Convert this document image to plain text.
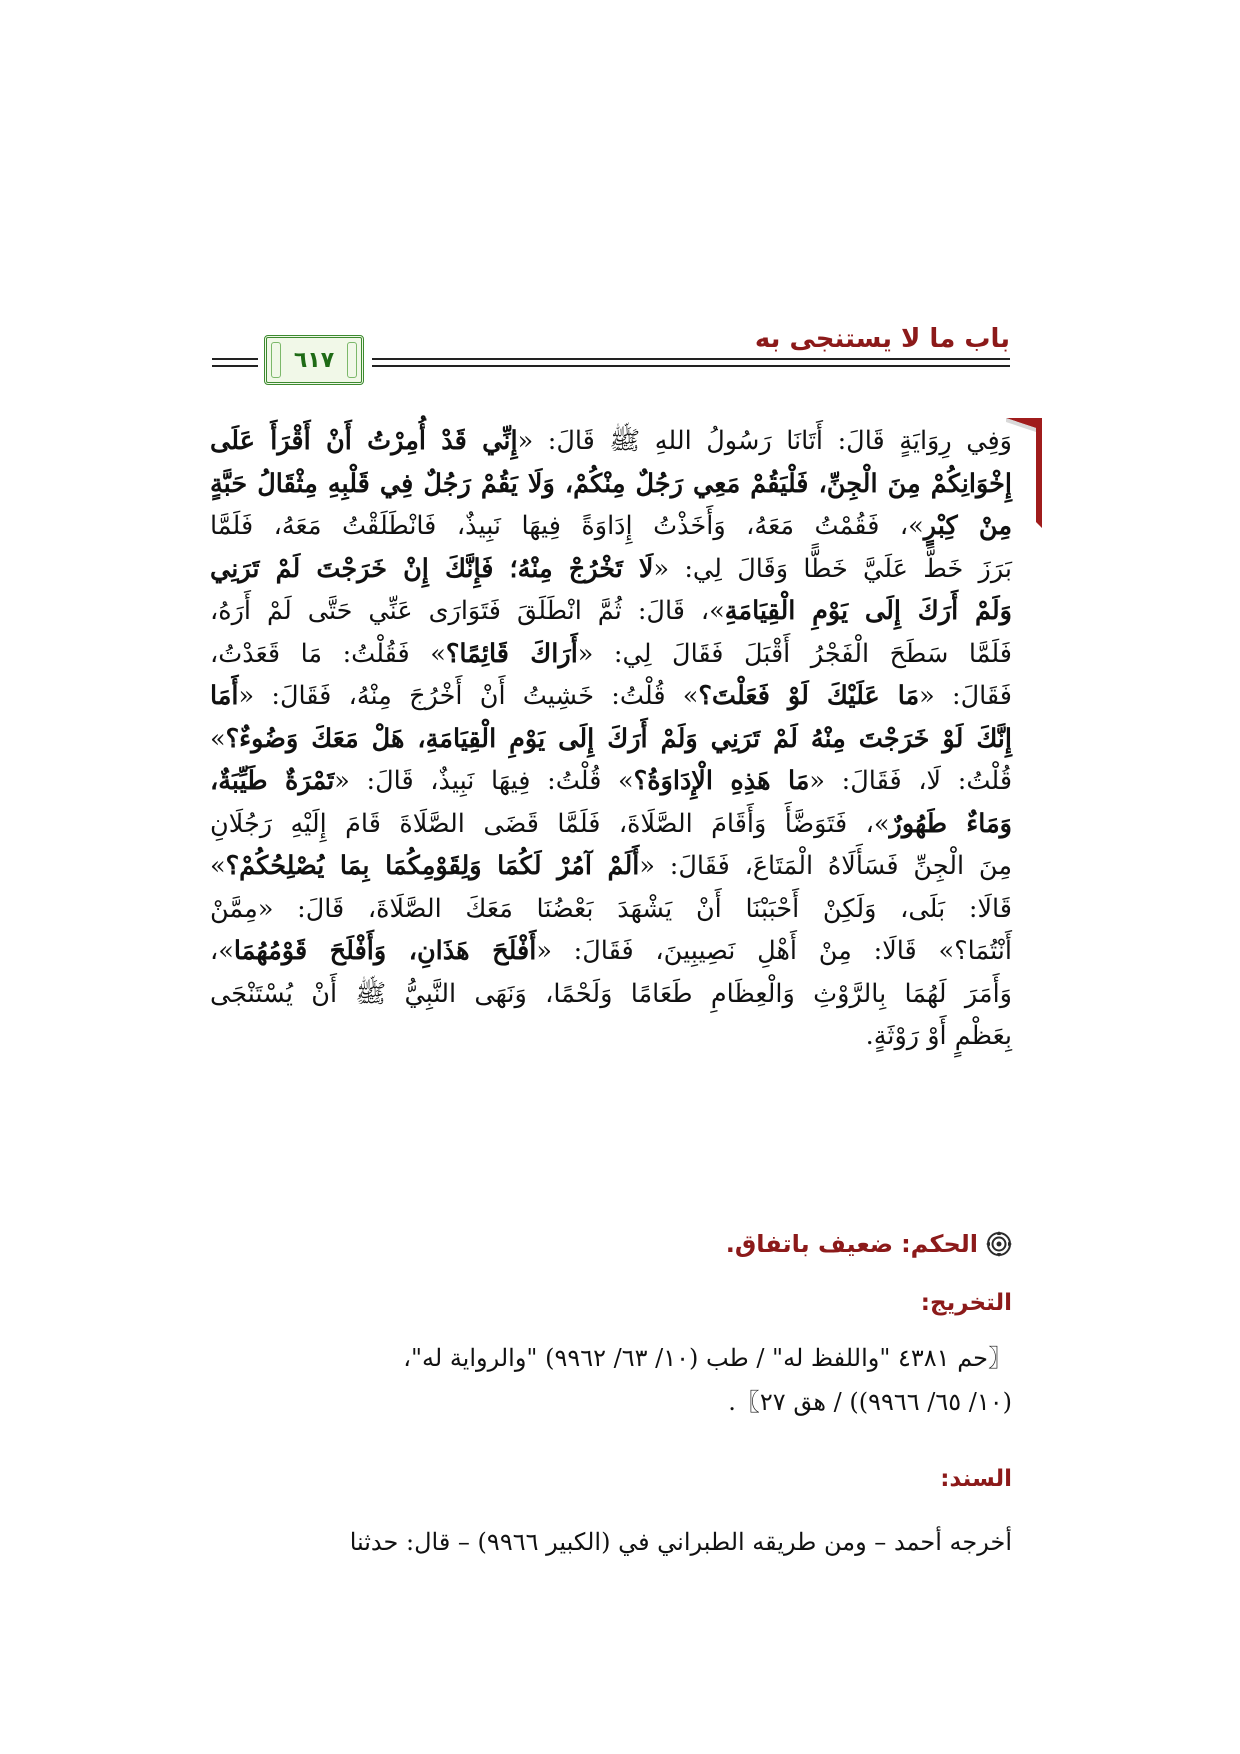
باب ما لا يستنجى به
٦١٧
وَفِي رِوَايَةٍ قَالَ: أَتَانَا رَسُولُ اللهِ ﷺ قَالَ: «إِنِّي قَدْ أُمِرْتُ أَنْ أَقْرَأَ عَلَى
إِخْوَانِكُمْ مِنَ الْجِنِّ، فَلْيَقُمْ مَعِي رَجُلٌ مِنْكُمْ، وَلَا يَقُمْ رَجُلٌ فِي قَلْبِهِ مِثْقَالُ حَبَّةٍ
مِنْ كِبْرٍ»، فَقُمْتُ مَعَهُ، وَأَخَذْتُ إِدَاوَةً فِيهَا نَبِيذٌ، فَانْطَلَقْتُ مَعَهُ، فَلَمَّا
بَرَزَ خَطَّ عَلَيَّ خَطًّا وَقَالَ لِي: «لَا تَخْرُجْ مِنْهُ؛ فَإِنَّكَ إِنْ خَرَجْتَ لَمْ تَرَنِي
وَلَمْ أَرَكَ إِلَى يَوْمِ الْقِيَامَةِ»، قَالَ: ثُمَّ انْطَلَقَ فَتَوَارَى عَنِّي حَتَّى لَمْ أَرَهُ،
فَلَمَّا سَطَحَ الْفَجْرُ أَقْبَلَ فَقَالَ لِي: «أَرَاكَ قَائِمًا؟» فَقُلْتُ: مَا قَعَدْتُ،
فَقَالَ: «مَا عَلَيْكَ لَوْ فَعَلْتَ؟» قُلْتُ: خَشِيتُ أَنْ أَخْرُجَ مِنْهُ، فَقَالَ: «أَمَا
إِنَّكَ لَوْ خَرَجْتَ مِنْهُ لَمْ تَرَنِي وَلَمْ أَرَكَ إِلَى يَوْمِ الْقِيَامَةِ، هَلْ مَعَكَ وَضُوءٌ؟»
قُلْتُ: لَا، فَقَالَ: «مَا هَذِهِ الْإِدَاوَةُ؟» قُلْتُ: فِيهَا نَبِيذٌ، قَالَ: «تَمْرَةٌ طَيِّبَةٌ،
وَمَاءٌ طَهُورٌ»، فَتَوَضَّأَ وَأَقَامَ الصَّلَاةَ، فَلَمَّا قَضَى الصَّلَاةَ قَامَ إِلَيْهِ رَجُلَانِ
مِنَ الْجِنِّ فَسَأَلَاهُ الْمَتَاعَ، فَقَالَ: «أَلَمْ آمُرْ لَكُمَا وَلِقَوْمِكُمَا بِمَا يُصْلِحُكُمْ؟»
قَالَا: بَلَى، وَلَكِنْ أَحْبَبْنَا أَنْ يَشْهَدَ بَعْضُنَا مَعَكَ الصَّلَاةَ، قَالَ: «مِمَّنْ
أَنْتُمَا؟» قَالَا: مِنْ أَهْلِ نَصِيبِينَ، فَقَالَ: «أَفْلَحَ هَذَانِ، وَأَفْلَحَ قَوْمُهُمَا»،
وَأَمَرَ لَهُمَا بِالرَّوْثِ وَالْعِظَامِ طَعَامًا وَلَحْمًا، وَنَهَى النَّبِيُّ ﷺ أَنْ يُسْتَنْجَى
بِعَظْمٍ أَوْ رَوْثَةٍ.
الحكم:
ضعيف باتفاق.
التخريج:
〖حم ٤٣٨١ "واللفظ له" / طب (١٠/ ٦٣/ ٩٩٦٢) "والرواية له"،
(١٠/ ٦٥/ ٩٩٦٦)) / هق ٢٧〗.
السند:
أخرجه أحمد – ومن طريقه الطبراني في (الكبير ٩٩٦٦) – قال: حدثنا
